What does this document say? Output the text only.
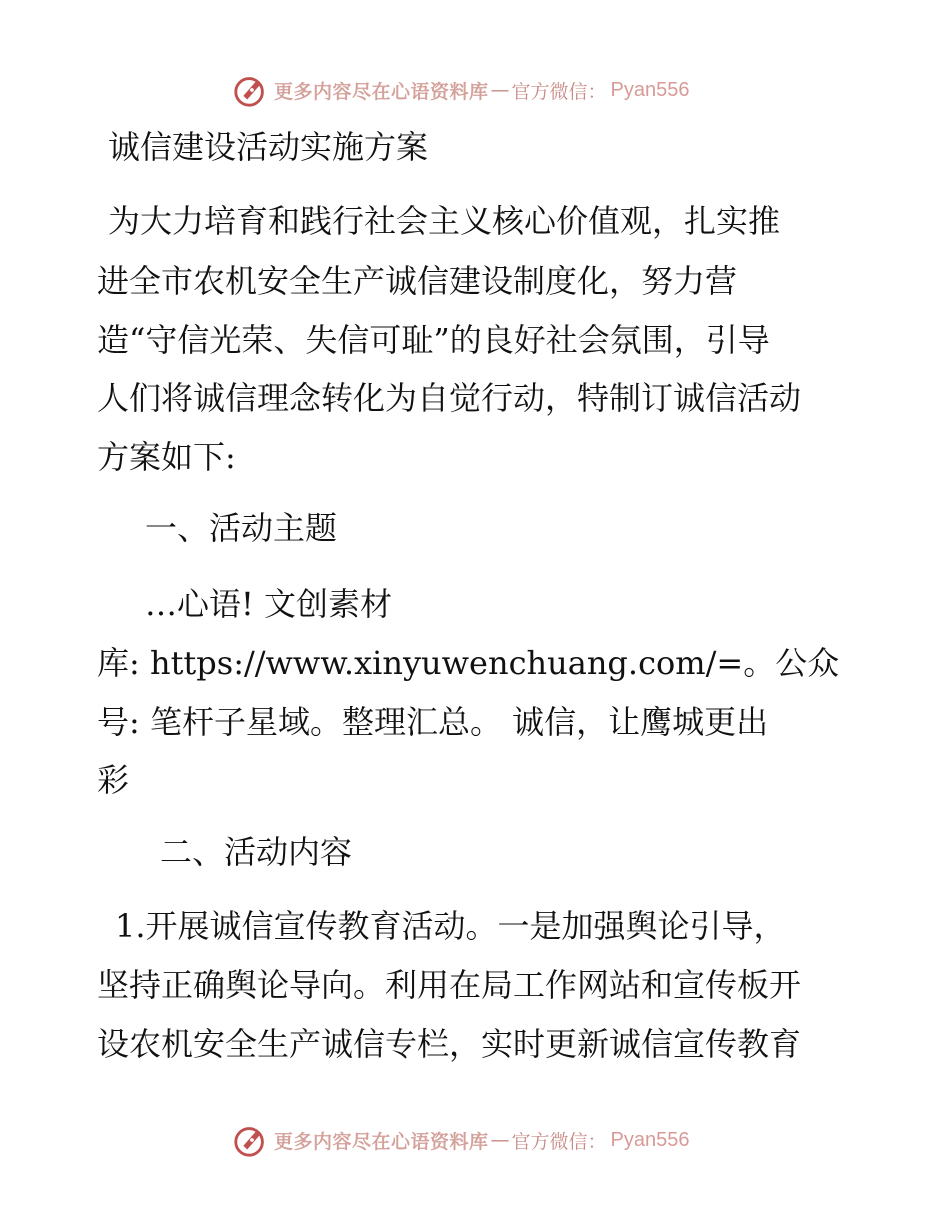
更多内容尽在心语资料库 — 官方微信： Pyan556
诚信建设活动实施方案
为大力培育和践行社会主义核心价值观，扎实推
进全市农机安全生产诚信建设制度化，努力营
造“守信光荣、失信可耻”的良好社会氛围，引导
人们将诚信理念转化为自觉行动，特制订诚信活动
方案如下:
一、活动主题
…心语! 文创素材
库: https://www.xinyuwenchuang.com/=。公众
号: 笔杆子星域。整理汇总。 诚信，让鹰城更出
彩
二、活动内容
1.开展诚信宣传教育活动。一是加强舆论引导，
坚持正确舆论导向。利用在局工作网站和宣传板开
设农机安全生产诚信专栏，实时更新诚信宣传教育
更多内容尽在心语资料库 — 官方微信： Pyan556
